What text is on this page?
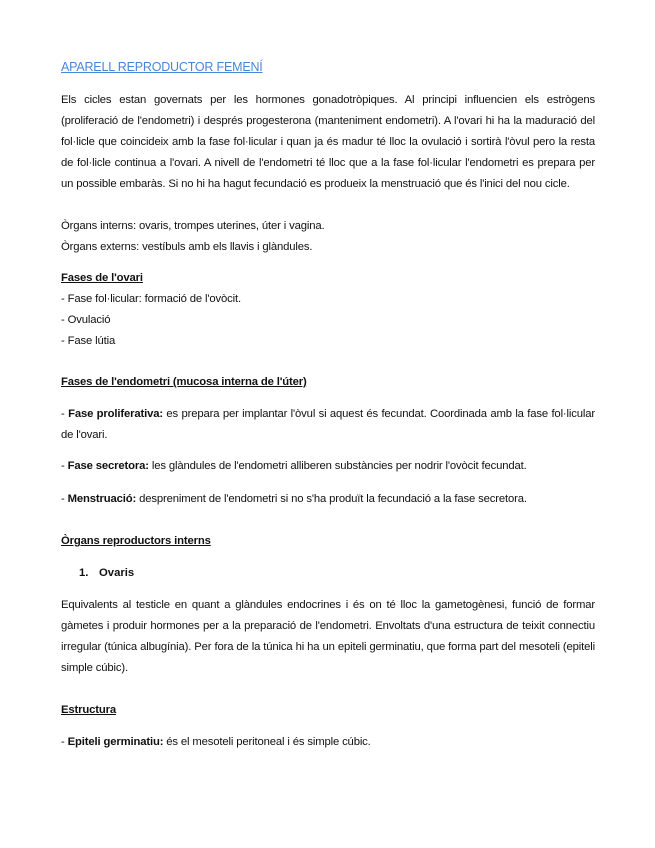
APARELL REPRODUCTOR FEMENÍ
Els cicles estan governats per les hormones gonadotròpiques. Al principi influencien els estrògens (proliferació de l'endometri) i després progesterona (manteniment endometri). A l'ovari hi ha la maduració del fol·licle que coincideix amb la fase fol·licular i quan ja és madur té lloc la ovulació i sortirà l'òvul pero la resta de fol·licle continua a l'ovari. A nivell de l'endometri té lloc que a la fase fol·licular l'endometri es prepara per un possible embaràs. Si no hi ha hagut fecundació es produeix la menstruació que és l'inici del nou cicle.
Òrgans interns: ovaris, trompes uterines, úter i vagina.
Òrgans externs: vestíbuls amb els llavis i glàndules.
Fases de l'ovari
- Fase fol·licular: formació de l'ovòcit.
- Ovulació
- Fase lútia
Fases de l'endometri (mucosa interna de l'úter)
- Fase proliferativa: es prepara per implantar l'òvul si aquest és fecundat. Coordinada amb la fase fol·licular de l'ovari.
- Fase secretora: les glàndules de l'endometri alliberen substàncies per nodrir l'ovòcit fecundat.
- Menstruació: despreniment de l'endometri si no s'ha produït la fecundació a la fase secretora.
Òrgans reproductors interns
1. Ovaris
Equivalents al testicle en quant a glàndules endocrines i és on té lloc la gametogènesi, funció de formar gàmetes i produir hormones per a la preparació de l'endometri. Envoltats d'una estructura de teixit connectiu irregular (túnica albugínia). Per fora de la túnica hi ha un epiteli germinatiu, que forma part del mesoteli (epiteli simple cúbic).
Estructura
- Epiteli germinatiu: és el mesoteli peritoneal i és simple cúbic.
